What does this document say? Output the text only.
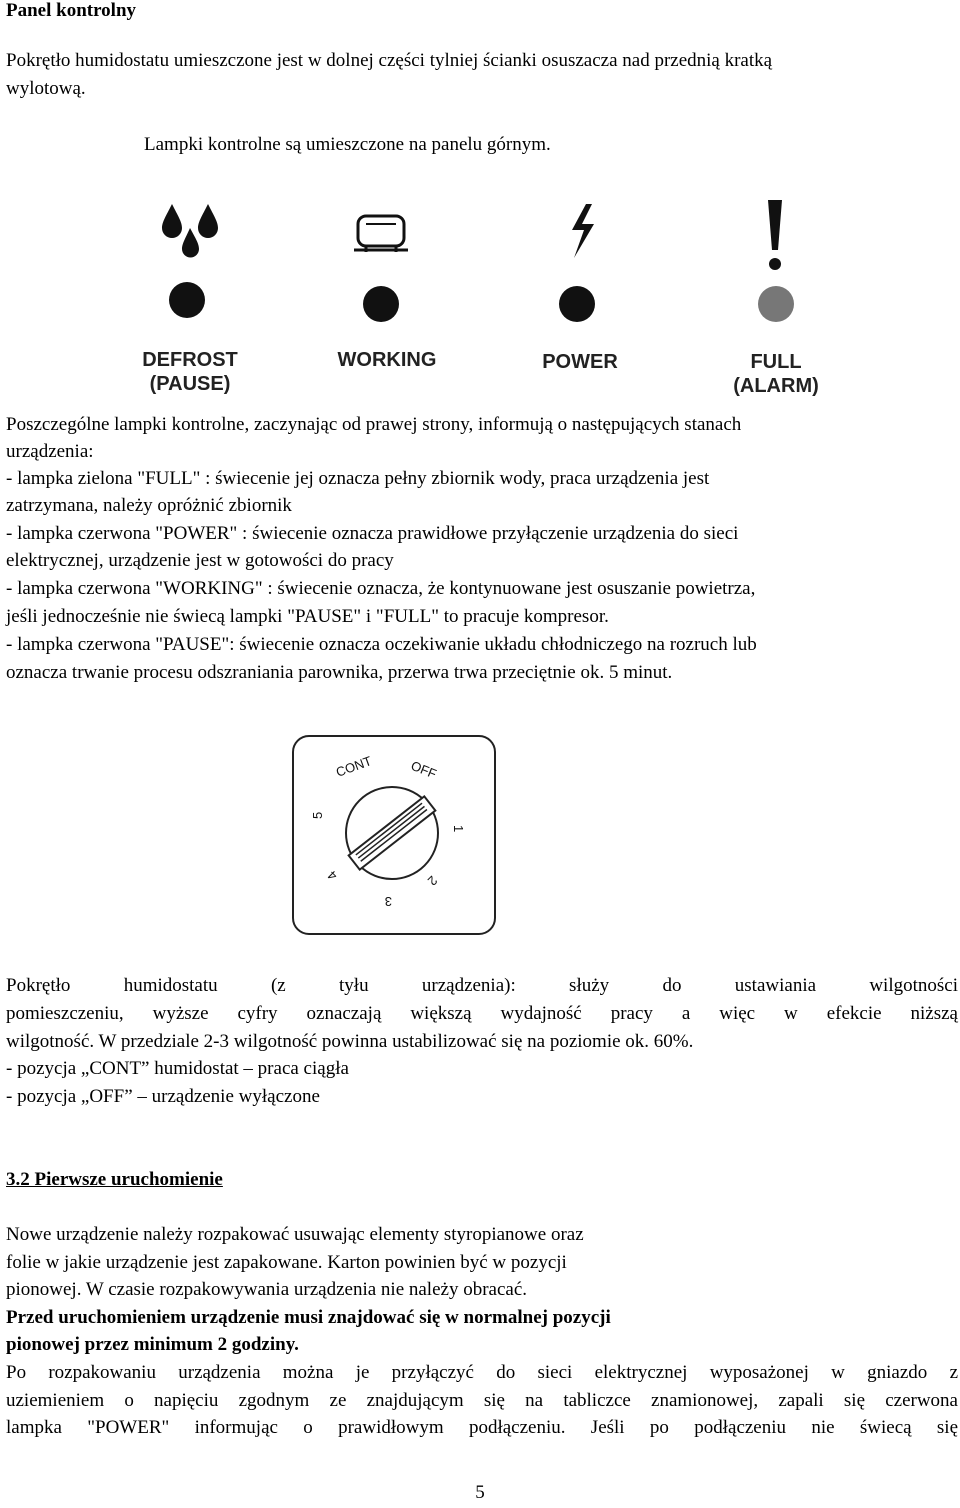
Panel kontrolny
Pokrętło humidostatu umieszczone jest w dolnej części tylniej ścianki osuszacza nad przednią kratką
wylotową.
Lampki kontrolne są umieszczone na panelu górnym.
DEFROST
(PAUSE)
WORKING	POWER	FULL
(ALARM)
Poszczególne lampki kontrolne, zaczynając od prawej strony, informują o następujących stanach
urządzenia:
- lampka zielona "FULL" : świecenie jej oznacza pełny zbiornik wody, praca urządzenia jest
zatrzymana, należy opróżnić zbiornik
- lampka czerwona "POWER" : świecenie oznacza prawidłowe przyłączenie urządzenia do sieci
elektrycznej, urządzenie jest w gotowości do pracy
- lampka czerwona "WORKING" : świecenie oznacza, że kontynuowane jest osuszanie powietrza,
jeśli jednocześnie nie świecą lampki "PAUSE" i "FULL" to pracuje kompresor.
- lampka czerwona "PAUSE": świecenie oznacza oczekiwanie układu chłodniczego na rozruch lub
oznacza trwanie procesu odszraniania parownika, przerwa trwa przeciętnie ok. 5 minut.
CONT	OFF
1
2
3
4
5
Pokrętło humidostatu (z tyłu urządzenia): służy do ustawiania wilgotności
pomieszczeniu, wyższe cyfry oznaczają większą wydajność pracy a więc w efekcie niższą
wilgotność. W przedziale 2-3 wilgotność powinna ustabilizować się na poziomie ok. 60%.
- pozycja „CONT” humidostat – praca ciągła
- pozycja „OFF” – urządzenie wyłączone
3.2 Pierwsze uruchomienie
Nowe urządzenie należy rozpakować usuwając elementy styropianowe oraz
folie w jakie urządzenie jest zapakowane. Karton powinien być w pozycji
pionowej. W czasie rozpakowywania urządzenia nie należy obracać.
Przed uruchomieniem urządzenie musi znajdować się w normalnej pozycji
pionowej przez minimum 2 godziny.
Po rozpakowaniu urządzenia można je przyłączyć do sieci elektrycznej wyposażonej w gniazdo z
uziemieniem o napięciu zgodnym ze znajdującym się na tabliczce znamionowej, zapali się czerwona
lampka "POWER" informując o prawidłowym podłączeniu. Jeśli po podłączeniu nie świecą się
5
